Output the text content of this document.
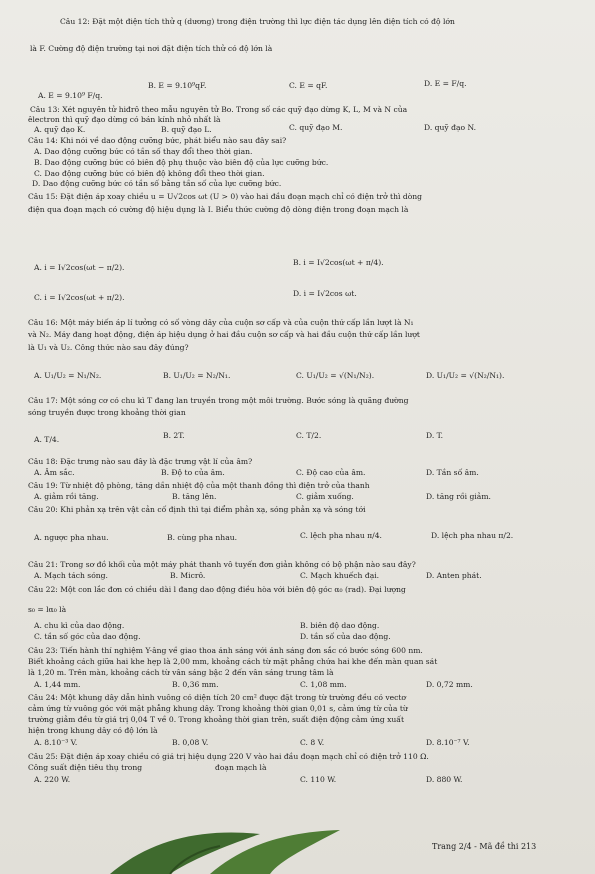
Câu 12: Đặt một điện tích thử q (dương) trong điện trường thì lực điện tác dụng lên điện tích có độ lớn
là F. Cường độ điện trường tại nơi đặt điện tích thử có độ lớn là
A. E = 9.10⁹ F/q.
B. E = 9.10⁹qF.	C. E = qF.	D. E = F/q.
Câu 13: Xét nguyên tử hiđrô theo mẫu nguyên tử Bo. Trong số các quỹ đạo dừng K, L, M và N của
êlectron thì quỹ đạo dừng có bán kính nhỏ nhất là
A. quỹ đạo K.	B. quỹ đạo L.	C. quỹ đạo M.	D. quỹ đạo N.
Câu 14: Khi nói về dao động cưỡng bức, phát biểu nào sau đây sai?
A. Dao động cưỡng bức có tần số thay đổi theo thời gian.
B. Dao động cưỡng bức có biên độ phụ thuộc vào biên độ của lực cưỡng bức.
C. Dao động cưỡng bức có biên độ không đổi theo thời gian.
D. Dao động cưỡng bức có tần số bằng tần số của lực cưỡng bức.
Câu 15: Đặt điện áp xoay chiều u = U√2cos ωt (U > 0) vào hai đầu đoạn mạch chỉ có điện trở thì dòng
điện qua đoạn mạch có cường độ hiệu dụng là I. Biểu thức cường độ dòng điện trong đoạn mạch là
A. i = I√2cos(ωt − π/2).
B. i = I√2cos(ωt + π/4).
C. i = I√2cos(ωt + π/2).	D. i = I√2cos ωt.
Câu 16: Một máy biến áp lí tưởng có số vòng dây của cuộn sơ cấp và của cuộn thứ cấp lần lượt là N₁
và N₂. Máy đang hoạt động, điện áp hiệu dụng ở hai đầu cuộn sơ cấp và hai đầu cuộn thứ cấp lần lượt
là U₁ và U₂. Công thức nào sau đây đúng?
A. U₁/U₂ = N₁/N₂.	B. U₁/U₂ = N₂/N₁.	C. U₁/U₂ = √(N₁/N₂).	D. U₁/U₂ = √(N₂/N₁).
Câu 17: Một sóng cơ có chu kì T đang lan truyền trong một môi trường. Bước sóng là quãng đường
sóng truyền được trong khoảng thời gian
A. T/4.	B. 2T.	C. T/2.	D. T.
Câu 18: Đặc trưng nào sau đây là đặc trưng vật lí của âm?
A. Âm sắc.	B. Độ to của âm.	C. Độ cao của âm.	D. Tần số âm.
Câu 19: Từ nhiệt độ phòng, tăng dần nhiệt độ của một thanh đồng thì điện trở của thanh
A. giảm rồi tăng.	B. tăng lên.	C. giảm xuống.	D. tăng rồi giảm.
Câu 20: Khi phản xạ trên vật cản cố định thì tại điểm phản xạ, sóng phản xạ và sóng tới
A. ngược pha nhau.	B. cùng pha nhau.	C. lệch pha nhau π/4.	D. lệch pha nhau π/2.
Câu 21: Trong sơ đồ khối của một máy phát thanh vô tuyến đơn giản không có bộ phận nào sau đây?
A. Mạch tách sóng.	B. Micrô.	C. Mạch khuếch đại.	D. Anten phát.
Câu 22: Một con lắc đơn có chiều dài l đang dao động điều hòa với biên độ góc α₀ (rad). Đại lượng
s₀ = lα₀ là
A. chu kì của dao động.	B. biên độ dao động.
C. tần số góc của dao động.	D. tần số của dao động.
Câu 23: Tiến hành thí nghiệm Y-âng về giao thoa ánh sáng với ánh sáng đơn sắc có bước sóng 600 nm.
Biết khoảng cách giữa hai khe hẹp là 2,00 mm, khoảng cách từ mặt phẳng chứa hai khe đến màn quan sát
là 1,20 m. Trên màn, khoảng cách từ vân sáng bậc 2 đến vân sáng trung tâm là
A. 1,44 mm.	B. 0,36 mm.	C. 1,08 mm.	D. 0,72 mm.
Câu 24: Một khung dây dẫn hình vuông có diện tích 20 cm² được đặt trong từ trường đều có vectơ
cảm ứng từ vuông góc với mặt phẳng khung dây. Trong khoảng thời gian 0,01 s, cảm ứng từ của từ
trường giảm đều từ giá trị 0,04 T về 0. Trong khoảng thời gian trên, suất điện động cảm ứng xuất
hiện trong khung dây có độ lớn là
A. 8.10⁻³ V.	B. 0,08 V.	C. 8 V.	D. 8.10⁻⁷ V.
Câu 25: Đặt điện áp xoay chiều có giá trị hiệu dụng 220 V vào hai đầu đoạn mạch chỉ có điện trở 110 Ω.
Công suất điện tiêu thụ trong	đoạn mạch là
A. 220 W.	C. 110 W.	D. 880 W.
Trang 2/4 - Mã đề thi 213
